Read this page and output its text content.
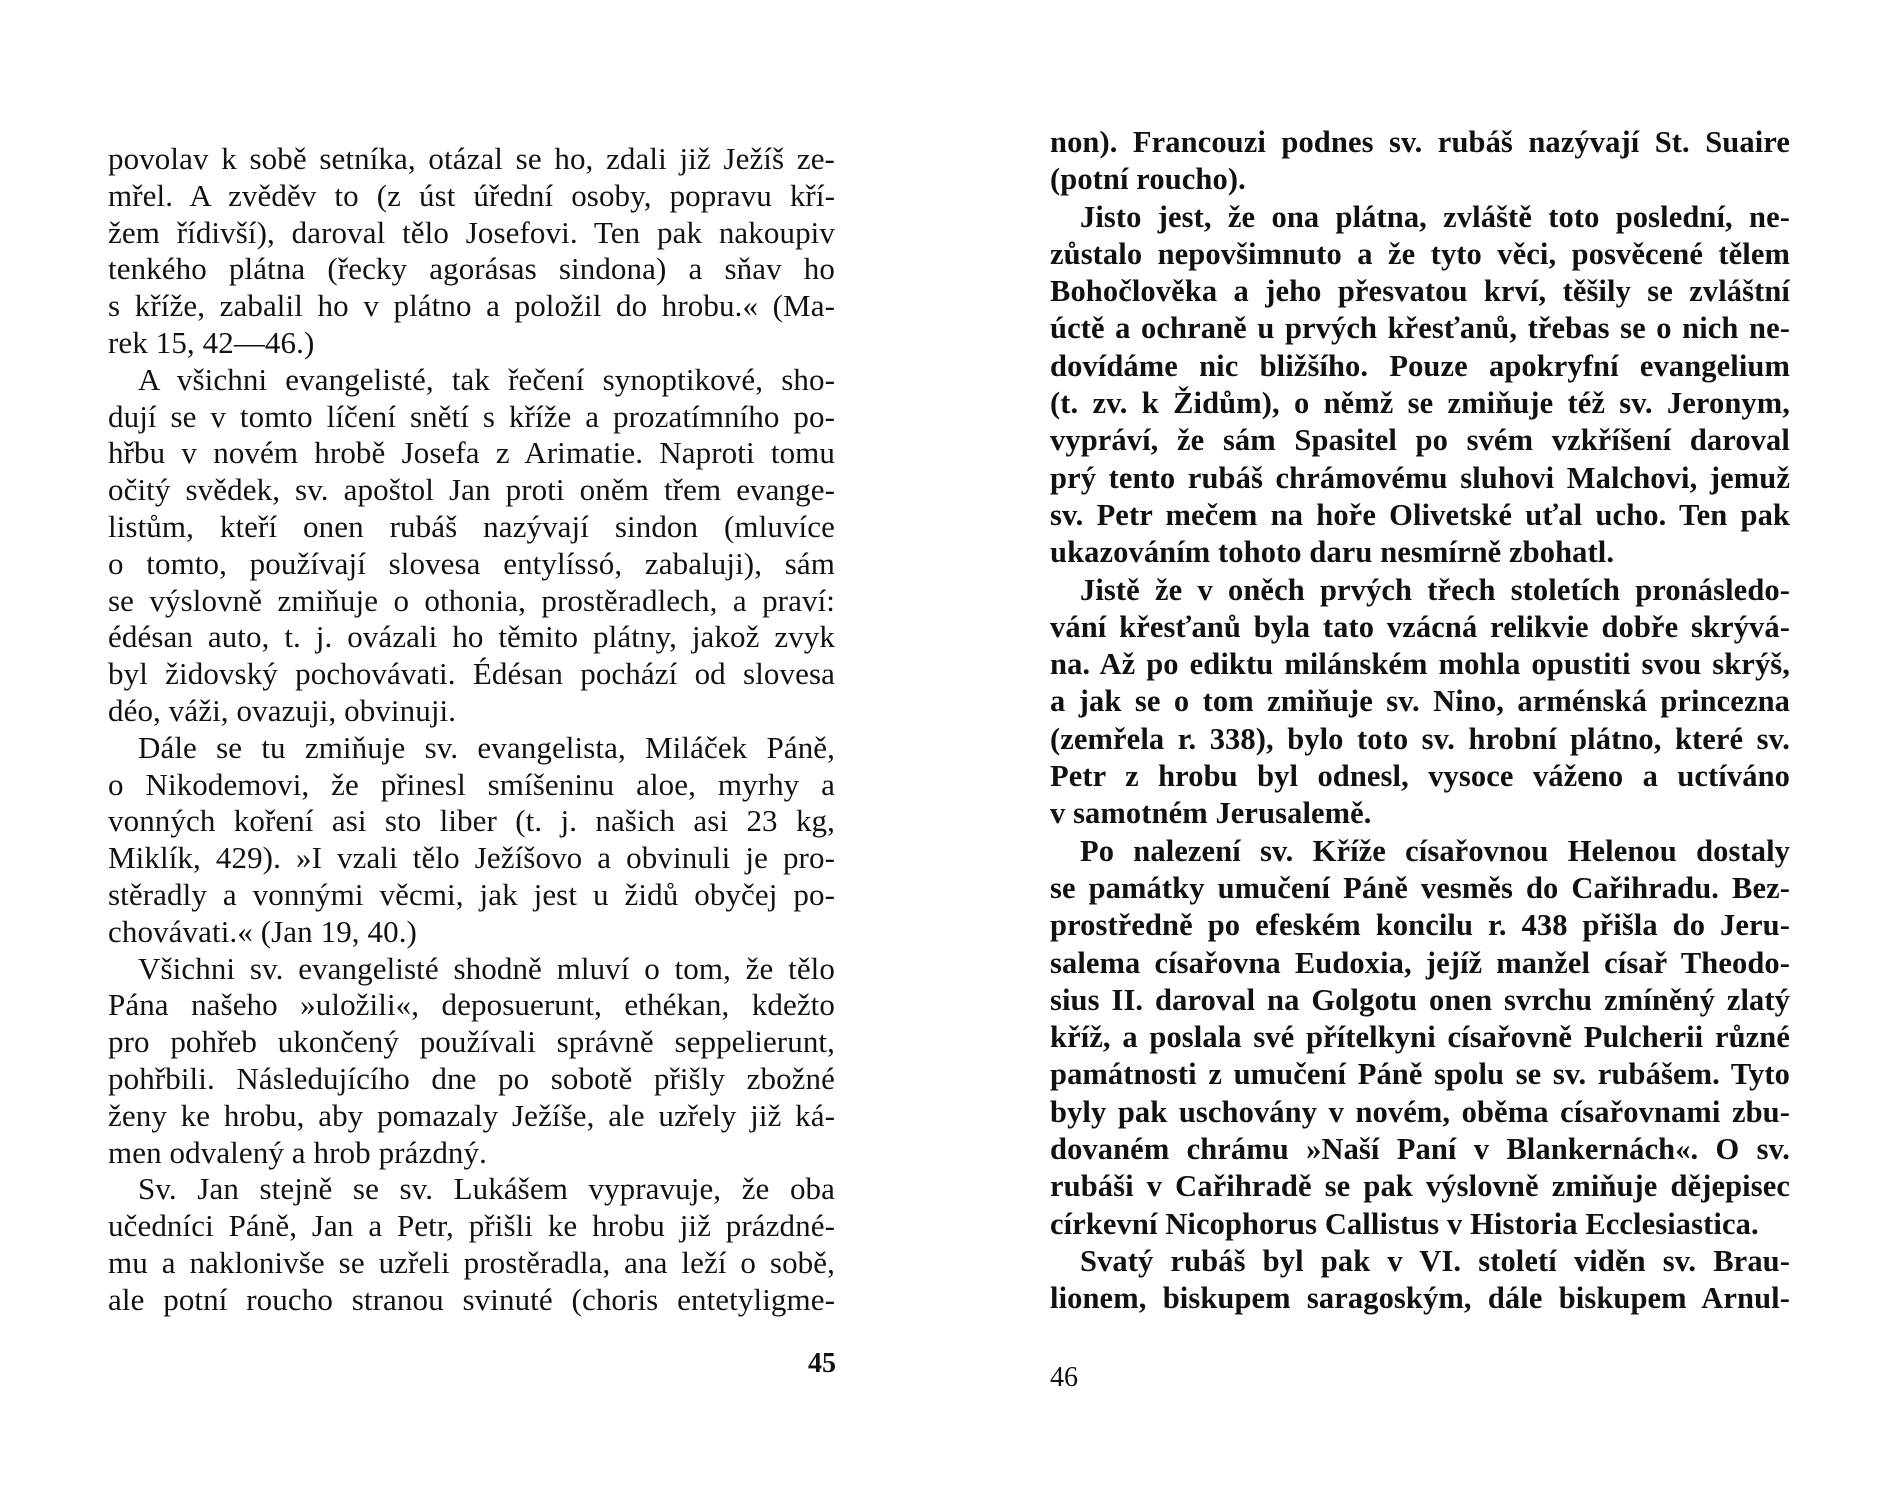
povolav k sobě setníka, otázal se ho, zdali již Ježíš ze-
mřel. A zvěděv to (z úst úřední osoby, popravu kří-
žem řídivší), daroval tělo Josefovi. Ten pak nakoupiv
tenkého plátna (řecky agorásas sindona) a sňav ho
s kříže, zabalil ho v plátno a položil do hrobu.« (Ma-
rek 15, 42—46.)
A všichni evangelisté, tak řečení synoptikové, sho-
dují se v tomto líčení snětí s kříže a prozatímního po-
hřbu v novém hrobě Josefa z Arimatie. Naproti tomu
očitý svědek, sv. apoštol Jan proti oněm třem evange-
listům, kteří onen rubáš nazývají sindon (mluvíce
o tomto, používají slovesa entylíssó, zabaluji), sám
se výslovně zmiňuje o othonia, prostěradlech, a praví:
édésan auto, t. j. ovázali ho těmito plátny, jakož zvyk
byl židovský pochovávati. Édésan pochází od slovesa
déo, váži, ovazuji, obvinuji.
Dále se tu zmiňuje sv. evangelista, Miláček Páně,
o Nikodemovi, že přinesl smíšeninu aloe, myrhy a
vonných koření asi sto liber (t. j. našich asi 23 kg,
Miklík, 429). »I vzali tělo Ježíšovo a obvinuli je pro-
stěradly a vonnými věcmi, jak jest u židů obyčej po-
chovávati.« (Jan 19, 40.)
Všichni sv. evangelisté shodně mluví o tom, že tělo
Pána našeho »uložili«, deposuerunt, ethékan, kdežto
pro pohřeb ukončený používali správně seppelierunt,
pohřbili. Následujícího dne po sobotě přišly zbožné
ženy ke hrobu, aby pomazaly Ježíše, ale uzřely již ká-
men odvalený a hrob prázdný.
Sv. Jan stejně se sv. Lukášem vypravuje, že oba
učedníci Páně, Jan a Petr, přišli ke hrobu již prázdné-
mu a naklonivše se uzřeli prostěradla, ana leží o sobě,
ale potní roucho stranou svinuté (choris entetyligme-
45
non). Francouzi podnes sv. rubáš nazývají St. Suaire
(potní roucho).
Jisto jest, že ona plátna, zvláště toto poslední, ne-
zůstalo nepovšimnuto a že tyto věci, posvěcené tělem
Bohočlověka a jeho přesvatou krví, těšily se zvláštní
úctě a ochraně u prvých křesťanů, třebas se o nich ne-
dovídáme nic bližšího. Pouze apokryfní evangelium
(t. zv. k Židům), o němž se zmiňuje též sv. Jeronym,
vypráví, že sám Spasitel po svém vzkříšení daroval
prý tento rubáš chrámovému sluhovi Malchovi, jemuž
sv. Petr mečem na hoře Olivetské uťal ucho. Ten pak
ukazováním tohoto daru nesmírně zbohatl.
Jistě že v oněch prvých třech stoletích pronásledo-
vání křesťanů byla tato vzácná relikvie dobře skrývá-
na. Až po ediktu milánském mohla opustiti svou skrýš,
a jak se o tom zmiňuje sv. Nino, arménská princezna
(zemřela r. 338), bylo toto sv. hrobní plátno, které sv.
Petr z hrobu byl odnesl, vysoce váženo a uctíváno
v samotném Jerusalemě.
Po nalezení sv. Kříže císařovnou Helenou dostaly
se památky umučení Páně vesměs do Cařihradu. Bez-
prostředně po efeském koncilu r. 438 přišla do Jeru-
salema císařovna Eudoxia, jejíž manžel císař Theodo-
sius II. daroval na Golgotu onen svrchu zmíněný zlatý
kříž, a poslala své přítelkyni císařovně Pulcherii různé
památnosti z umučení Páně spolu se sv. rubášem. Tyto
byly pak uschovány v novém, oběma císařovnami zbu-
dovaném chrámu »Naší Paní v Blankernách«. O sv.
rubáši v Cařihradě se pak výslovně zmiňuje dějepisec
církevní Nicophorus Callistus v Historia Ecclesiastica.
Svatý rubáš byl pak v VI. století viděn sv. Brau-
lionem, biskupem saragoským, dále biskupem Arnul-
46
